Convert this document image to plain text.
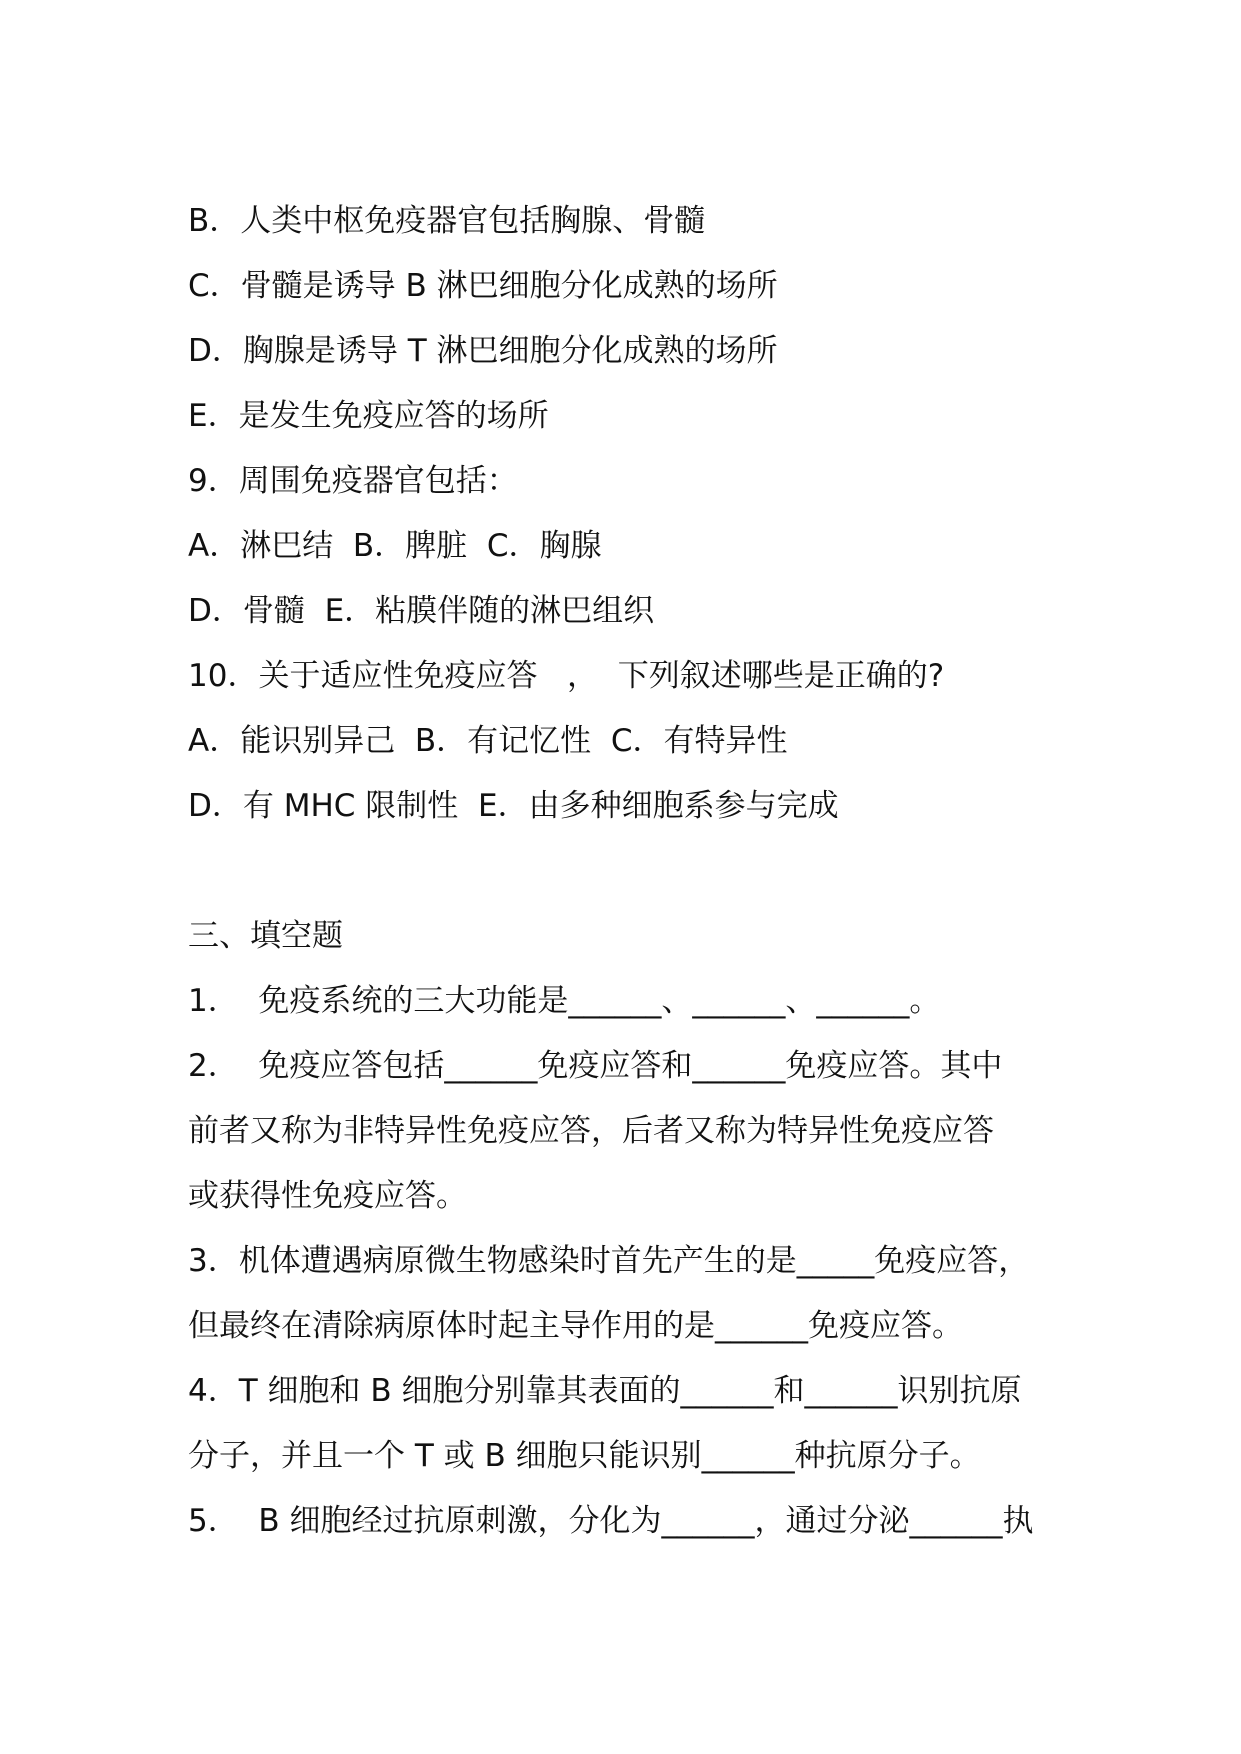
B．人类中枢免疫器官包括胸腺、骨髓
C．骨髓是诱导 B 淋巴细胞分化成熟的场所
D．胸腺是诱导 T 淋巴细胞分化成熟的场所
E．是发生免疫应答的场所
9．周围免疫器官包括：
A．淋巴结  B．脾脏  C．胸腺
D．骨髓  E．粘膜伴随的淋巴组织
10．关于适应性免疫应答   ，  下列叙述哪些是正确的?
A．能识别异己  B．有记忆性  C．有特异性
D．有 MHC 限制性  E．由多种细胞系参与完成
三、填空题
1．  免疫系统的三大功能是______、______、______。
2．  免疫应答包括______免疫应答和______免疫应答。其中
前者又称为非特异性免疫应答，后者又称为特异性免疫应答
或获得性免疫应答。
3．机体遭遇病原微生物感染时首先产生的是_____免疫应答，
但最终在清除病原体时起主导作用的是______免疫应答。
4．T 细胞和 B 细胞分别靠其表面的______和______识别抗原
分子，并且一个 T 或 B 细胞只能识别______种抗原分子。
5．  B 细胞经过抗原刺激，分化为______，通过分泌______执
